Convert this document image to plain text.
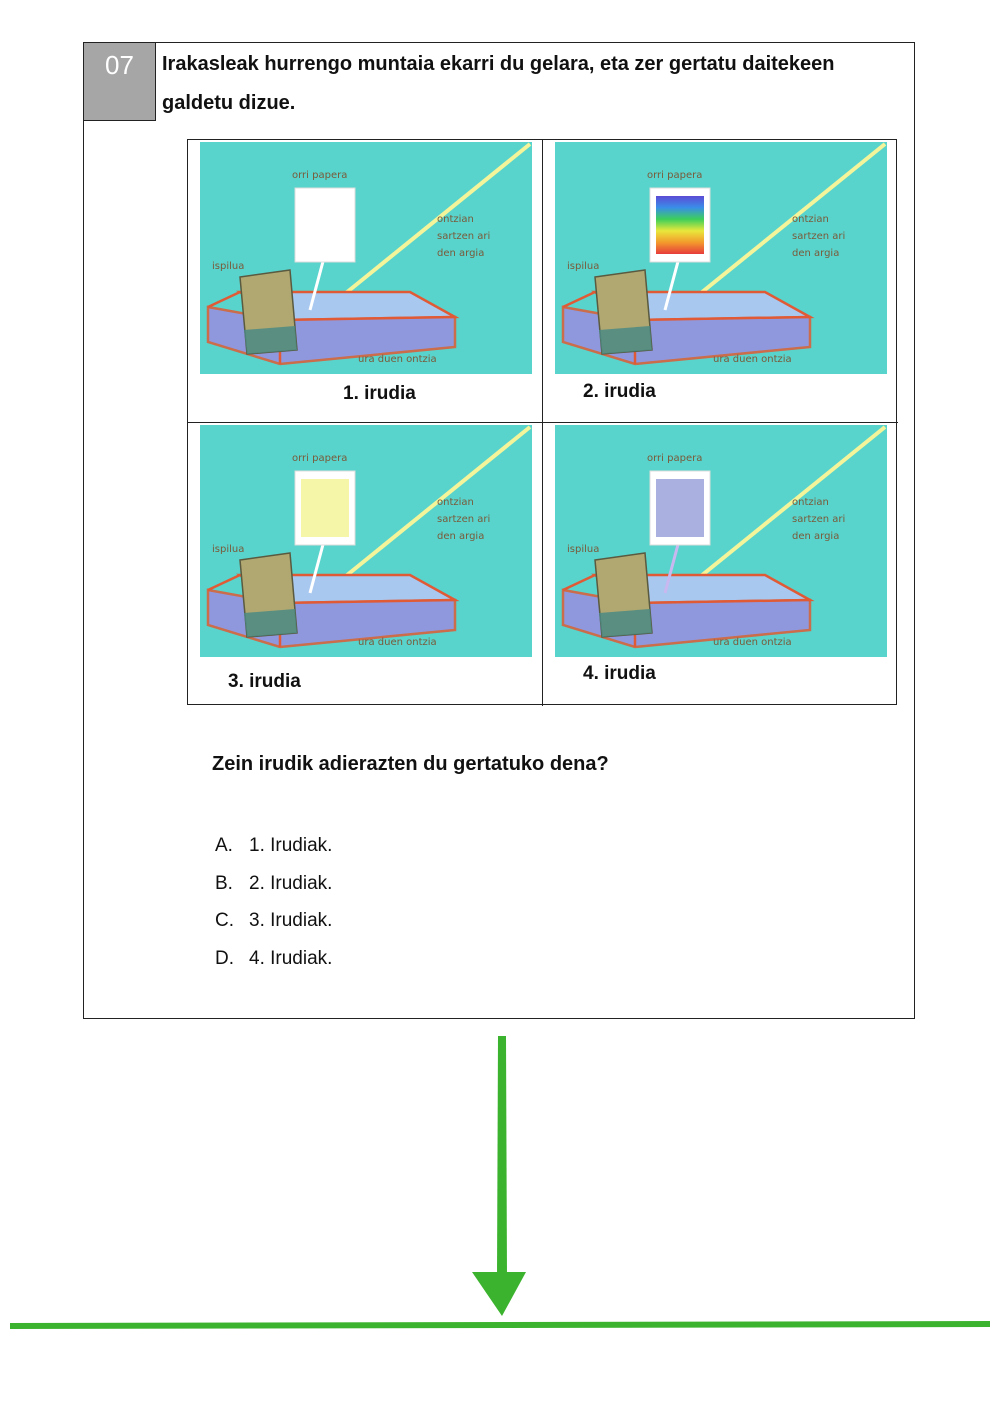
07	Irakasleak hurrengo muntaia ekarri du gelara, eta zer gertatu daitekeen galdetu dizue.
orri papera
ontzian
sartzen ari
den argia
ispilua
ura duen ontzia
1. irudia
orri papera
ontzian
sartzen ari
den argia
ispilua
ura duen ontzia
2. irudia
orri papera
ontzian
sartzen ari
den argia
ispilua
ura duen ontzia
3. irudia
orri papera
ontzian
sartzen ari
den argia
ispilua
ura duen ontzia
4. irudia
Zein irudik adierazten du gertatuko dena?
A. 1. Irudiak.
B. 2. Irudiak.
C. 3. Irudiak.
D. 4. Irudiak.
